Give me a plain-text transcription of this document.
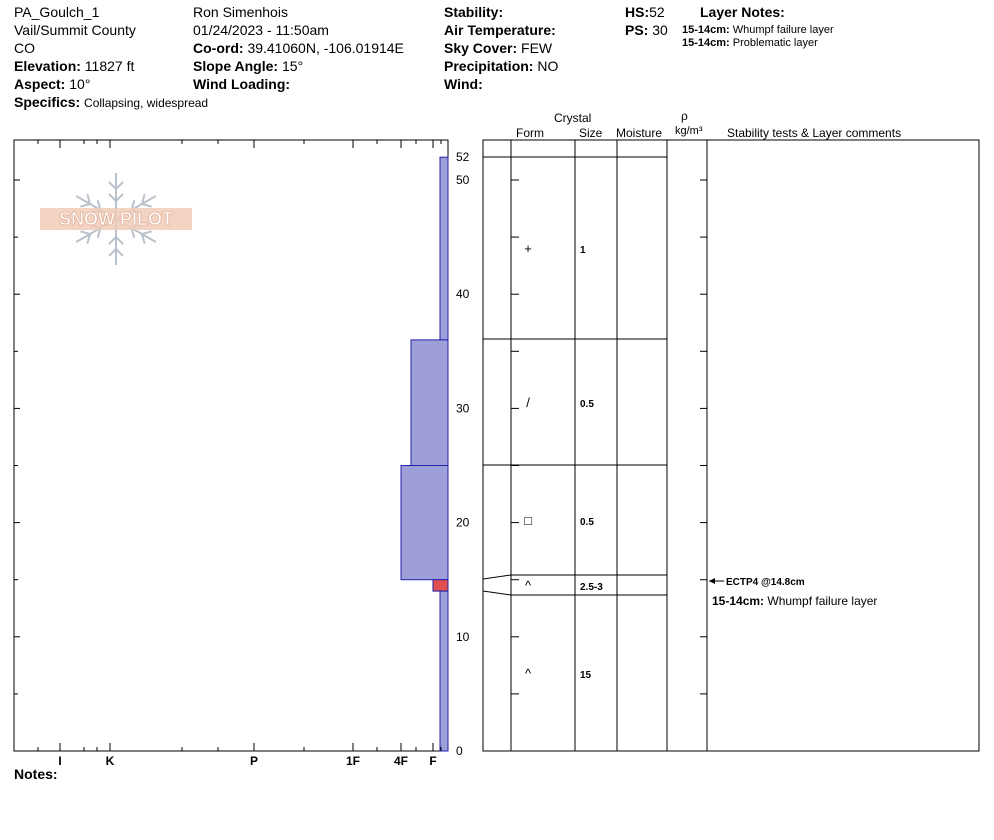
PA_Goulch_1
Vail/Summit County
CO
Elevation: 11827 ft
Aspect: 10°
Specifics: Collapsing, widespread
Ron Simenhois
01/24/2023 - 11:50am
Co-ord: 39.41060N, -106.01914E
Slope Angle: 15°
Wind Loading:
Stability:
Air Temperature:
Sky Cover: FEW
Precipitation: NO
Wind:
HS:52
PS: 30
Layer Notes:
15-14cm: Whumpf failure layer
15-14cm: Problematic layer
Crystal
Form	Size Moisture
ρ
kg/m³ Stability tests & Layer comments
Notes:
SNOW PILOT
I	K	P	1F	4F F
0
10
20
30
40
50
52
+	1
/	0.5
□	0.5
^	2.5-3
^	15
ECTP4 @14.8cm
15-14cm: Whumpf failure layer
